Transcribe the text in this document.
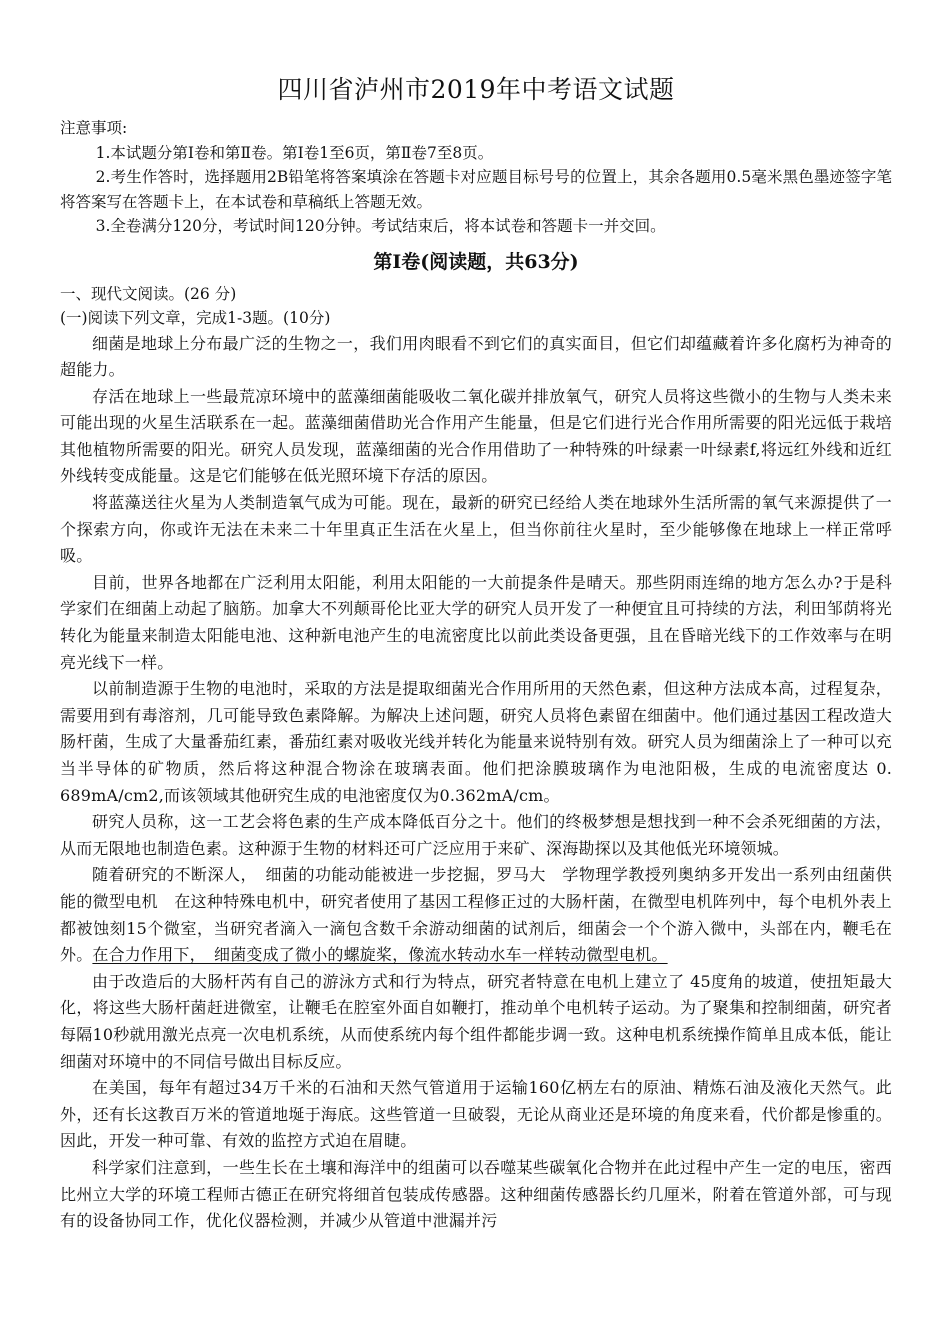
四川省泸州市2019年中考语文试题

注意事项:

1.本试题分第Ⅰ卷和第Ⅱ卷。第Ⅰ卷1至6页，第Ⅱ卷7至8页。

2.考生作答时，选择题用2B铅笔将答案填涂在答题卡对应题目标号号的位置上，其余各题用0.5毫米黑色墨迹签字笔将答案写在答题卡上，在本试卷和草稿纸上答题无效。

3.全卷满分120分，考试时间120分钟。考试结束后，将本试卷和答题卡一并交回。

第Ⅰ卷(阅读题，共63分)

一、现代文阅读。(26 分)

(一)阅读下列文章，完成1-3题。(10分)

细菌是地球上分布最广泛的生物之一，我们用肉眼看不到它们的真实面目，但它们却蕴藏着许多化腐朽为神奇的超能力。

存活在地球上一些最荒凉环境中的蓝藻细菌能吸收二氧化碳并排放氧气，研究人员将这些微小的生物与人类未来可能出现的火星生活联系在一起。蓝藻细菌借助光合作用产生能量，但是它们进行光合作用所需要的阳光远低于栽培其他植物所需要的阳光。研究人员发现，蓝藻细菌的光合作用借助了一种特殊的叶绿素一叶绿素f,将远红外线和近红外线转变成能量。这是它们能够在低光照环境下存活的原因。

将蓝藻送往火星为人类制造氧气成为可能。现在，最新的研究已经给人类在地球外生活所需的氧气来源提供了一个探索方向，你或许无法在未来二十年里真正生活在火星上，但当你前往火星时，至少能够像在地球上一样正常呼吸。

目前，世界各地都在广泛利用太阳能，利用太阳能的一大前提条件是晴天。那些阴雨连绵的地方怎么办?于是科学家们在细菌上动起了脑筋。加拿大不列颠哥伦比亚大学的研究人员开发了一种便宜且可持续的方法，利田邹荫将光转化为能量来制造太阳能电池、这种新电池产生的电流密度比以前此类设备更强，且在昏暗光线下的工作效率与在明亮光线下一样。

以前制造源于生物的电池时，采取的方法是提取细菌光合作用所用的天然色素，但这种方法成本高，过程复杂，需要用到有毒溶剂，几可能导致色素降解。为解决上述问题，研究人员将色素留在细菌中。他们通过基因工程改造大肠杆菌，生成了大量番茄红素，番茄红素对吸收光线并转化为能量来说特别有效。研究人员为细菌涂上了一种可以充当半导体的矿物质，然后将这种混合物涂在玻璃表面。他们把涂膜玻璃作为电池阳极，生成的电流密度达 0. 689mA/cm2,而该领域其他研究生成的电池密度仅为0.362mA/cm。

研究人员称，这一工艺会将色素的生产成本降低百分之十。他们的终极梦想是想找到一种不会杀死细菌的方法，从而无限地也制造色素。这种源于生物的材料还可广泛应用于来矿、深海勘探以及其他低光环境领城。

随着研究的不断深人，　细菌的功能动能被进一步挖掘，罗马大　学物理学教授列奥纳多开发出一系列由纽菌供能的微型电机　在这种特殊电机中，研究者使用了基因工程修正过的大肠杆菌，在微型电机阵列中，每个电机外表上都被蚀刻15个微室，当研究者滴入一滴包含数千余游动细菌的试剂后，细菌会一个个游入微中，头部在内，鞭毛在外。在合力作用下，　细菌变成了微小的螺旋桨，像流水转动水车一样转动微型电机。

由于改造后的大肠杆芮有自己的游泳方式和行为特点，研究者特意在电机上建立了 45度角的坡道，使扭矩最大化，将这些大肠杆菌赶进微室，让鞭毛在腔室外面自如鞭打，推动单个电机转子运动。为了聚集和控制细菌，研究者每隔10秒就用激光点亮一次电机系统，从而使系统内每个组件都能步调一致。这种电机系统操作简单且成本低，能让细菌对环境中的不同信号做出目标反应。

在美国，每年有超过34万千米的石油和天然气管道用于运输160亿柄左右的原油、精炼石油及液化天然气。此外，还有长这教百万米的管道地埏于海底。这些管道一旦破裂，无论从商业还是环境的角度来看，代价都是惨重的。因此，开发一种可靠、有效的监控方式迫在眉睫。

科学家们注意到，一些生长在土壤和海洋中的组菌可以吞噬某些碳氧化合物并在此过程中产生一定的电压，密西比州立大学的环境工程师古德正在研究将细首包装成传感器。这种细菌传感器长约几厘米，附着在管道外部，可与现有的设备协同工作，优化仪器检测，并减少从管道中泄漏并污
